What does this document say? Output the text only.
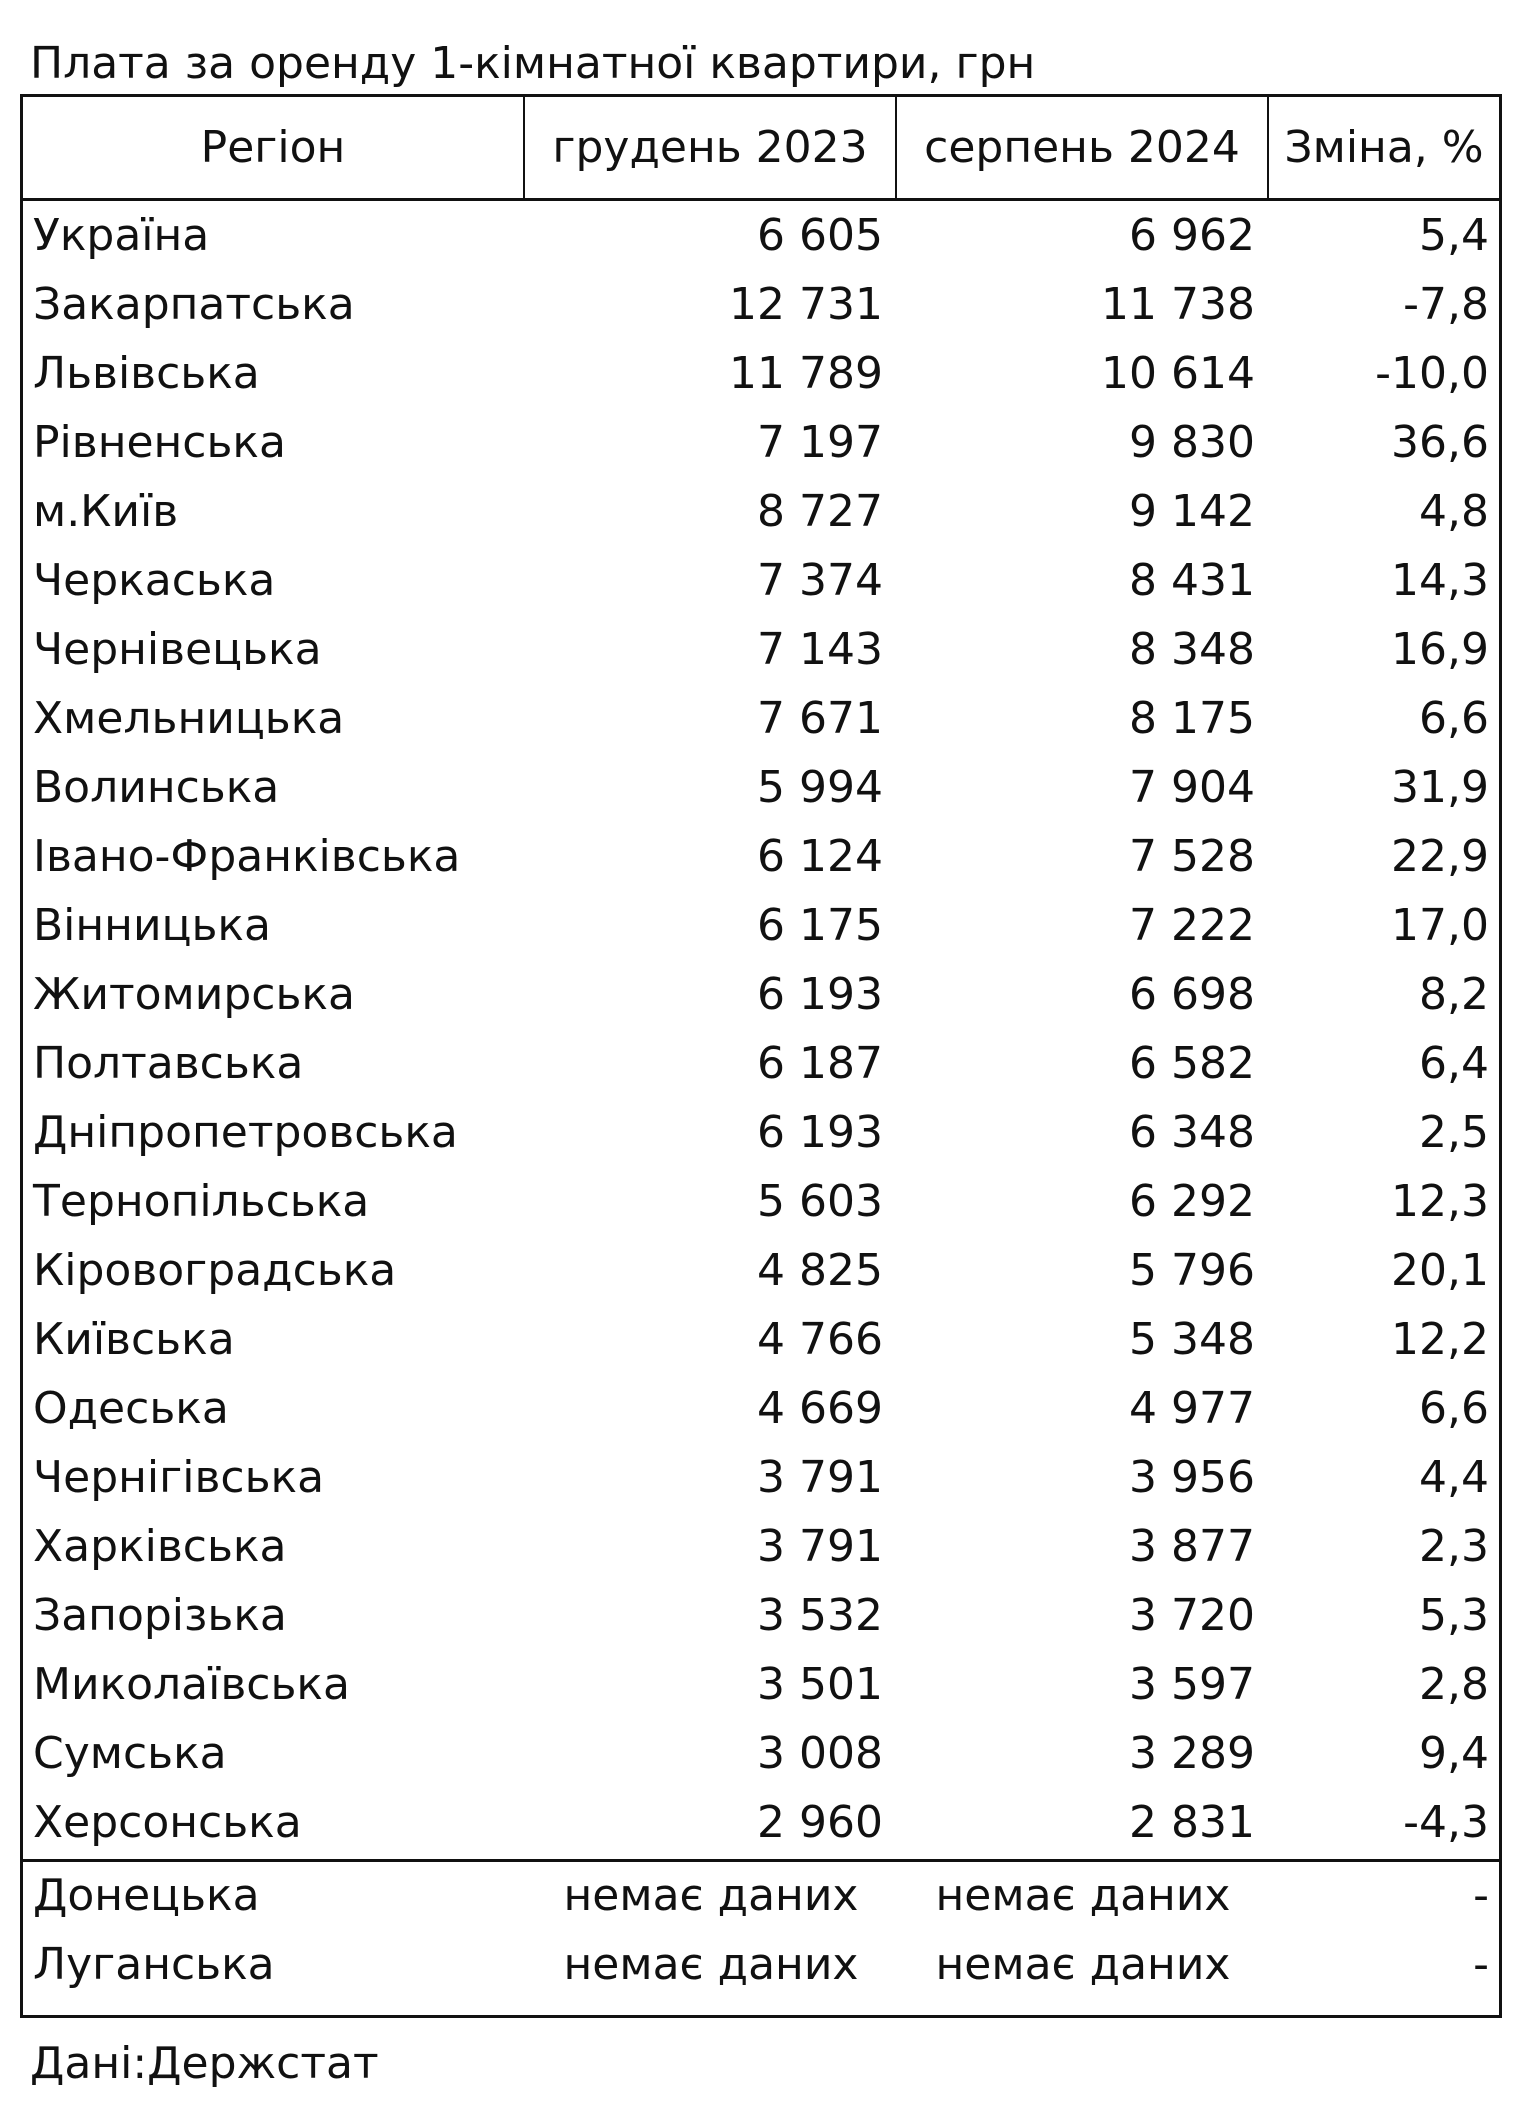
Плата за оренду 1-кімнатної квартири, грн
Регіон	грудень 2023	серпень 2024	Зміна, %
Україна	6 605	6 962	5,4
Закарпатська	12 731	11 738	-7,8
Львівська	11 789	10 614	-10,0
Рівненська	7 197	9 830	36,6
м.Київ	8 727	9 142	4,8
Черкаська	7 374	8 431	14,3
Чернівецька	7 143	8 348	16,9
Хмельницька	7 671	8 175	6,6
Волинська	5 994	7 904	31,9
Івано-Франківська	6 124	7 528	22,9
Вінницька	6 175	7 222	17,0
Житомирська	6 193	6 698	8,2
Полтавська	6 187	6 582	6,4
Дніпропетровська	6 193	6 348	2,5
Тернопільська	5 603	6 292	12,3
Кіровоградська	4 825	5 796	20,1
Київська	4 766	5 348	12,2
Одеська	4 669	4 977	6,6
Чернігівська	3 791	3 956	4,4
Харківська	3 791	3 877	2,3
Запорізька	3 532	3 720	5,3
Миколаївська	3 501	3 597	2,8
Сумська	3 008	3 289	9,4
Херсонська	2 960	2 831	-4,3
Донецька	немає даних	немає даних	-
Луганська	немає даних	немає даних	-
Дані:Держстат
